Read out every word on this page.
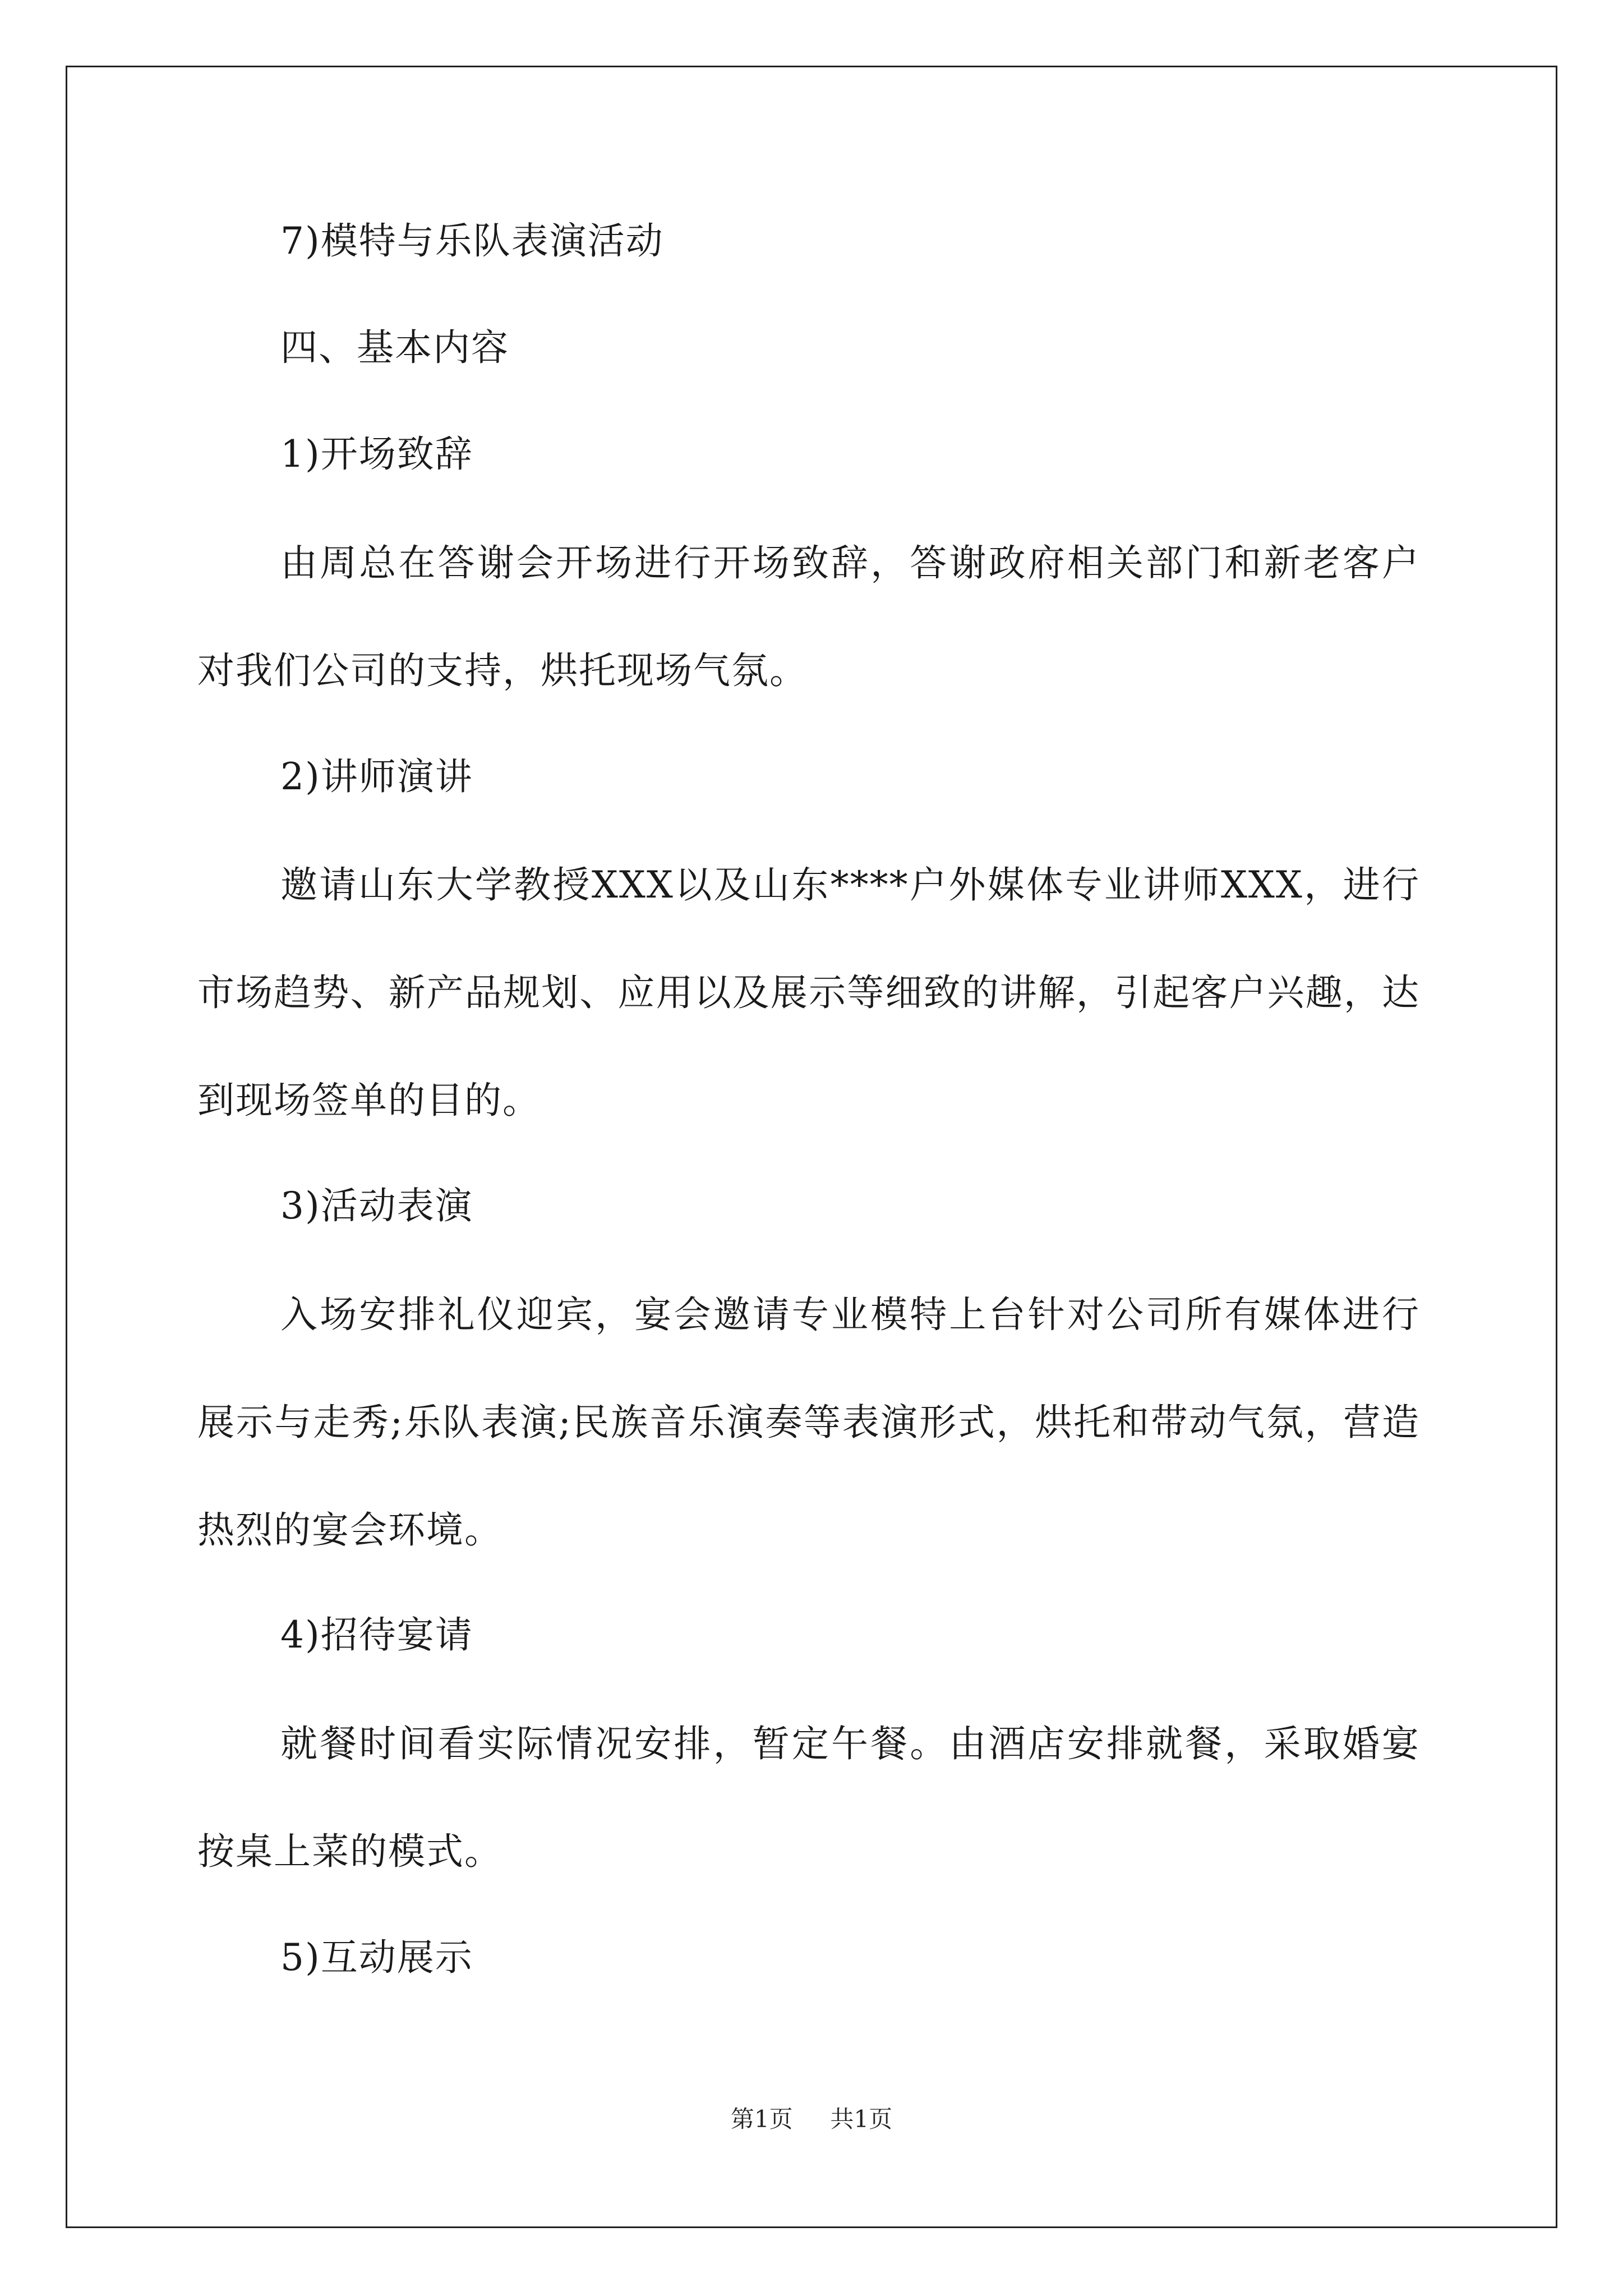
7)模特与乐队表演活动
四、基本内容
1)开场致辞
由周总在答谢会开场进行开场致辞，答谢政府相关部门和新老客户对我们公司的支持，烘托现场气氛。
2)讲师演讲
邀请山东大学教授XXX以及山东****户外媒体专业讲师XXX，进行市场趋势、新产品规划、应用以及展示等细致的讲解，引起客户兴趣，达到现场签单的目的。
3)活动表演
入场安排礼仪迎宾，宴会邀请专业模特上台针对公司所有媒体进行展示与走秀;乐队表演;民族音乐演奏等表演形式，烘托和带动气氛，营造热烈的宴会环境。
4)招待宴请
就餐时间看实际情况安排，暂定午餐。由酒店安排就餐，采取婚宴按桌上菜的模式。
5)互动展示
第1页 共1页
